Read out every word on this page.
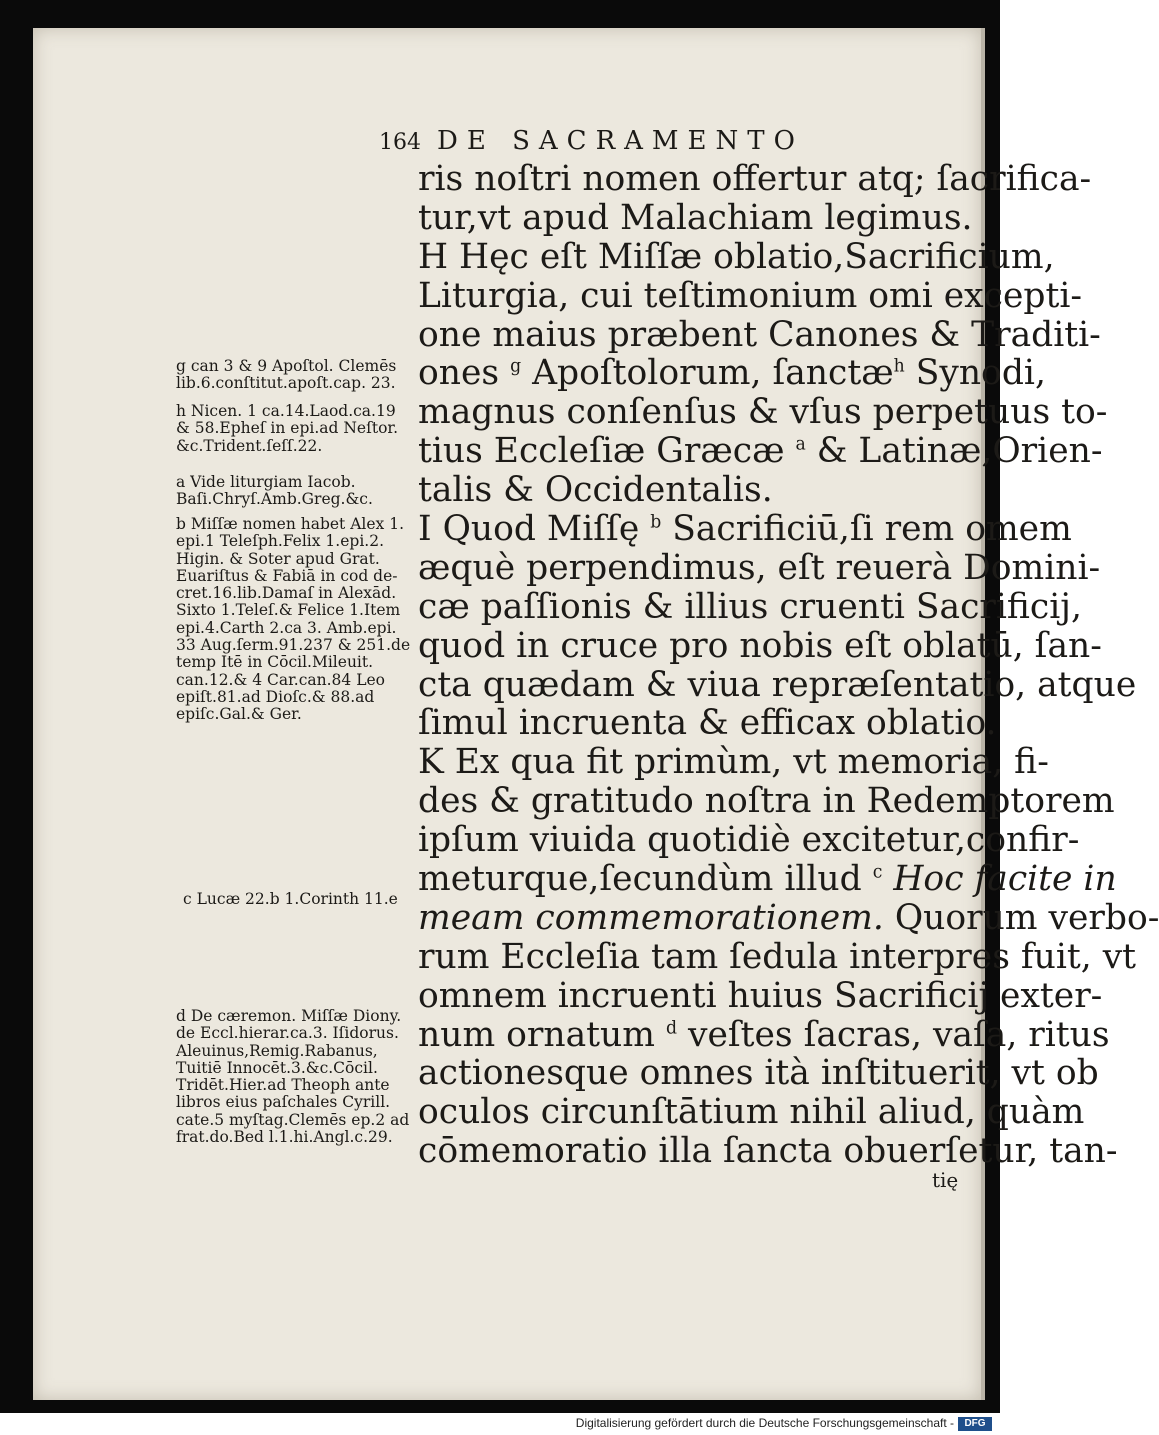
164 DE SACRAMENTO
ris noſtri nomen offertur atq; ſacrifica-
tur,vt apud Malachiam legimus.
H Hęc eſt Miſſæ oblatio,Sacrificium,
Liturgia, cui teſtimonium omi excepti-
one maius præbent Canones & Traditi-
ones $^g$ Apoſtolorum, ſanctæ$^h$ Synodi,
magnus conſenſus & vſus perpetuus to-
tius Eccleſiæ Græcæ $^a$ & Latinæ,Orien-
talis & Occidentalis.
I Quod Miſſę $^b$ Sacrificiū,ſi rem omem
æquè perpendimus, eſt reuerà Domini-
cæ paſſionis & illius cruenti Sacrificij,
quod in cruce pro nobis eſt oblatū, ſan-
cta quædam & viua repræſentatio, atque
ſimul incruenta & efficax oblatio.
K Ex qua fit primùm, vt memoria, fi-
des & gratitudo noſtra in Redemptorem
ipſum viuida quotidiè excitetur,confir-
meturque,ſecundùm illud $^c$ Hoc facite in
meam commemorationem. Quorum verbo-
rum Eccleſia tam ſedula interpres fuit, vt
omnem incruenti huius Sacrificij exter-
num ornatum $^d$ veſtes ſacras, vaſa, ritus
actionesque omnes ità inſtituerit, vt ob
oculos circunſtātium nihil aliud, quàm
cōmemoratio illa ſancta obuerſetur, tan-
g can 3 & 9 Apoſtol. Clemēs
lib.6.conſtitut.apoſt.cap. 23.
h Nicen. 1 ca.14.Laod.ca.19
& 58.Epheſ in epi.ad Neſtor.
&c.Trident.ſeſſ.22.
a Vide liturgiam Iacob.
Baſi.Chryſ.Amb.Greg.&c.
b Miſſæ nomen habet Alex 1.
epi.1 Teleſph.Felix 1.epi.2.
Higin. & Soter apud Grat.
Euariſtus & Fabiā in cod de-
cret.16.lib.Damaſ in Alexād.
Sixto 1.Teleſ.& Felice 1.Item
epi.4.Carth 2.ca 3. Amb.epi.
33 Aug.ſerm.91.237 & 251.de
temp Itē in Cōcil.Mileuit.
can.12.& 4 Car.can.84 Leo
epiſt.81.ad Dioſc.& 88.ad
epiſc.Gal.& Ger.
c Lucæ 22.b 1.Corinth 11.e
d De cæremon. Miſſæ Diony.
de Eccl.hierar.ca.3. Iſidorus.
Aleuinus,Remig.Rabanus,
Tuitiē Innocēt.3.&c.Cōcil.
Tridēt.Hier.ad Theoph ante
libros eius paſchales Cyrill.
cate.5 myſtag.Clemēs ep.2 ad
frat.do.Bed l.1.hi.Angl.c.29.
tię
Digitalisierung gefördert durch die Deutsche Forschungsgemeinschaft -	DFG
